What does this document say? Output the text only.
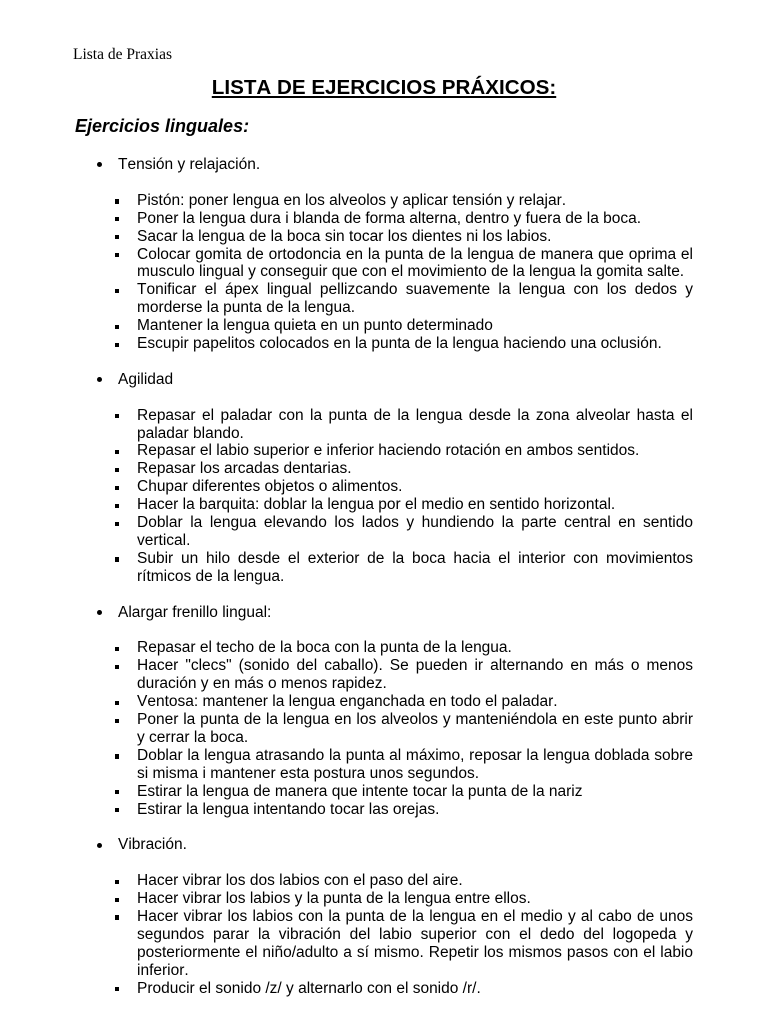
Lista de Praxias
LISTA DE EJERCICIOS PRÁXICOS:
Ejercicios linguales:
Tensión y relajación.
Pistón: poner lengua en los alveolos y aplicar tensión y relajar.
Poner la lengua dura i blanda de forma alterna, dentro y fuera de la boca.
Sacar la lengua de la boca sin tocar los dientes ni los labios.
Colocar gomita de ortodoncia en la punta de la lengua de manera que oprima el musculo lingual y conseguir que con el movimiento de la lengua la gomita salte.
Tonificar el ápex lingual pellizcando suavemente la lengua con los dedos y morderse la punta de la lengua.
Mantener la lengua quieta en un punto determinado
Escupir papelitos colocados en la punta de la lengua haciendo una oclusión.
Agilidad
Repasar el paladar con la punta de la lengua desde la zona alveolar hasta el paladar blando.
Repasar el labio superior e inferior haciendo rotación en ambos sentidos.
Repasar los arcadas dentarias.
Chupar diferentes objetos o alimentos.
Hacer la barquita: doblar la lengua por el medio en sentido horizontal.
Doblar la lengua elevando los lados y hundiendo la parte central en sentido vertical.
Subir un hilo desde el exterior de la boca hacia el interior con movimientos rítmicos de la lengua.
Alargar frenillo lingual:
Repasar el techo de la boca con la punta de la lengua.
Hacer "clecs" (sonido del caballo). Se pueden ir alternando en más o menos duración y en más o menos rapidez.
Ventosa: mantener la lengua enganchada en todo el paladar.
Poner la punta de la lengua en los alveolos y manteniéndola en este punto abrir y cerrar la boca.
Doblar la lengua atrasando la punta al máximo, reposar la lengua doblada sobre si misma i mantener esta postura unos segundos.
Estirar la lengua de manera que intente tocar la punta de la nariz
Estirar la lengua intentando tocar las orejas.
Vibración.
Hacer vibrar los dos labios con el paso del aire.
Hacer vibrar los labios y la punta de la lengua entre ellos.
Hacer vibrar los labios con la punta de la lengua en el medio y al cabo de unos segundos parar la vibración del labio superior con el dedo del logopeda y posteriormente el niño/adulto a sí mismo. Repetir los mismos pasos con el labio inferior.
Producir el sonido /z/ y alternarlo con el sonido /r/.
